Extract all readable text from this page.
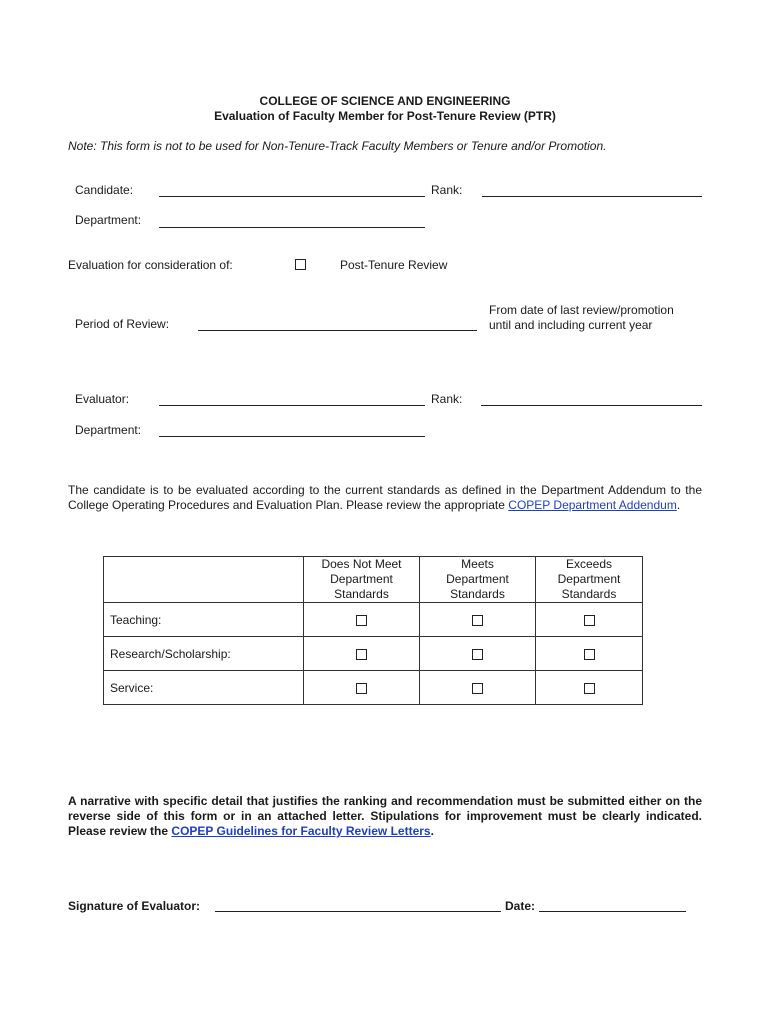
COLLEGE OF SCIENCE AND ENGINEERING
Evaluation of Faculty Member for Post-Tenure Review (PTR)
Note: This form is not to be used for Non-Tenure-Track Faculty Members or Tenure and/or Promotion.
Candidate:	Rank:
Department:
Evaluation for consideration of:	Post-Tenure Review
Period of Review:
From date of last review/promotion
until and including current year
Evaluator:	Rank:
Department:
The candidate is to be evaluated according to the current standards as defined in the Department Addendum to the College Operating Procedures and Evaluation Plan. Please review the appropriate COPEP Department Addendum.
	Does Not Meet Department Standards	Meets Department Standards	Exceeds Department Standards
Teaching:			
Research/Scholarship:			
Service:			
A narrative with specific detail that justifies the ranking and recommendation must be submitted either on the reverse side of this form or in an attached letter. Stipulations for improvement must be clearly indicated. Please review the COPEP Guidelines for Faculty Review Letters.
Signature of Evaluator:	Date:
